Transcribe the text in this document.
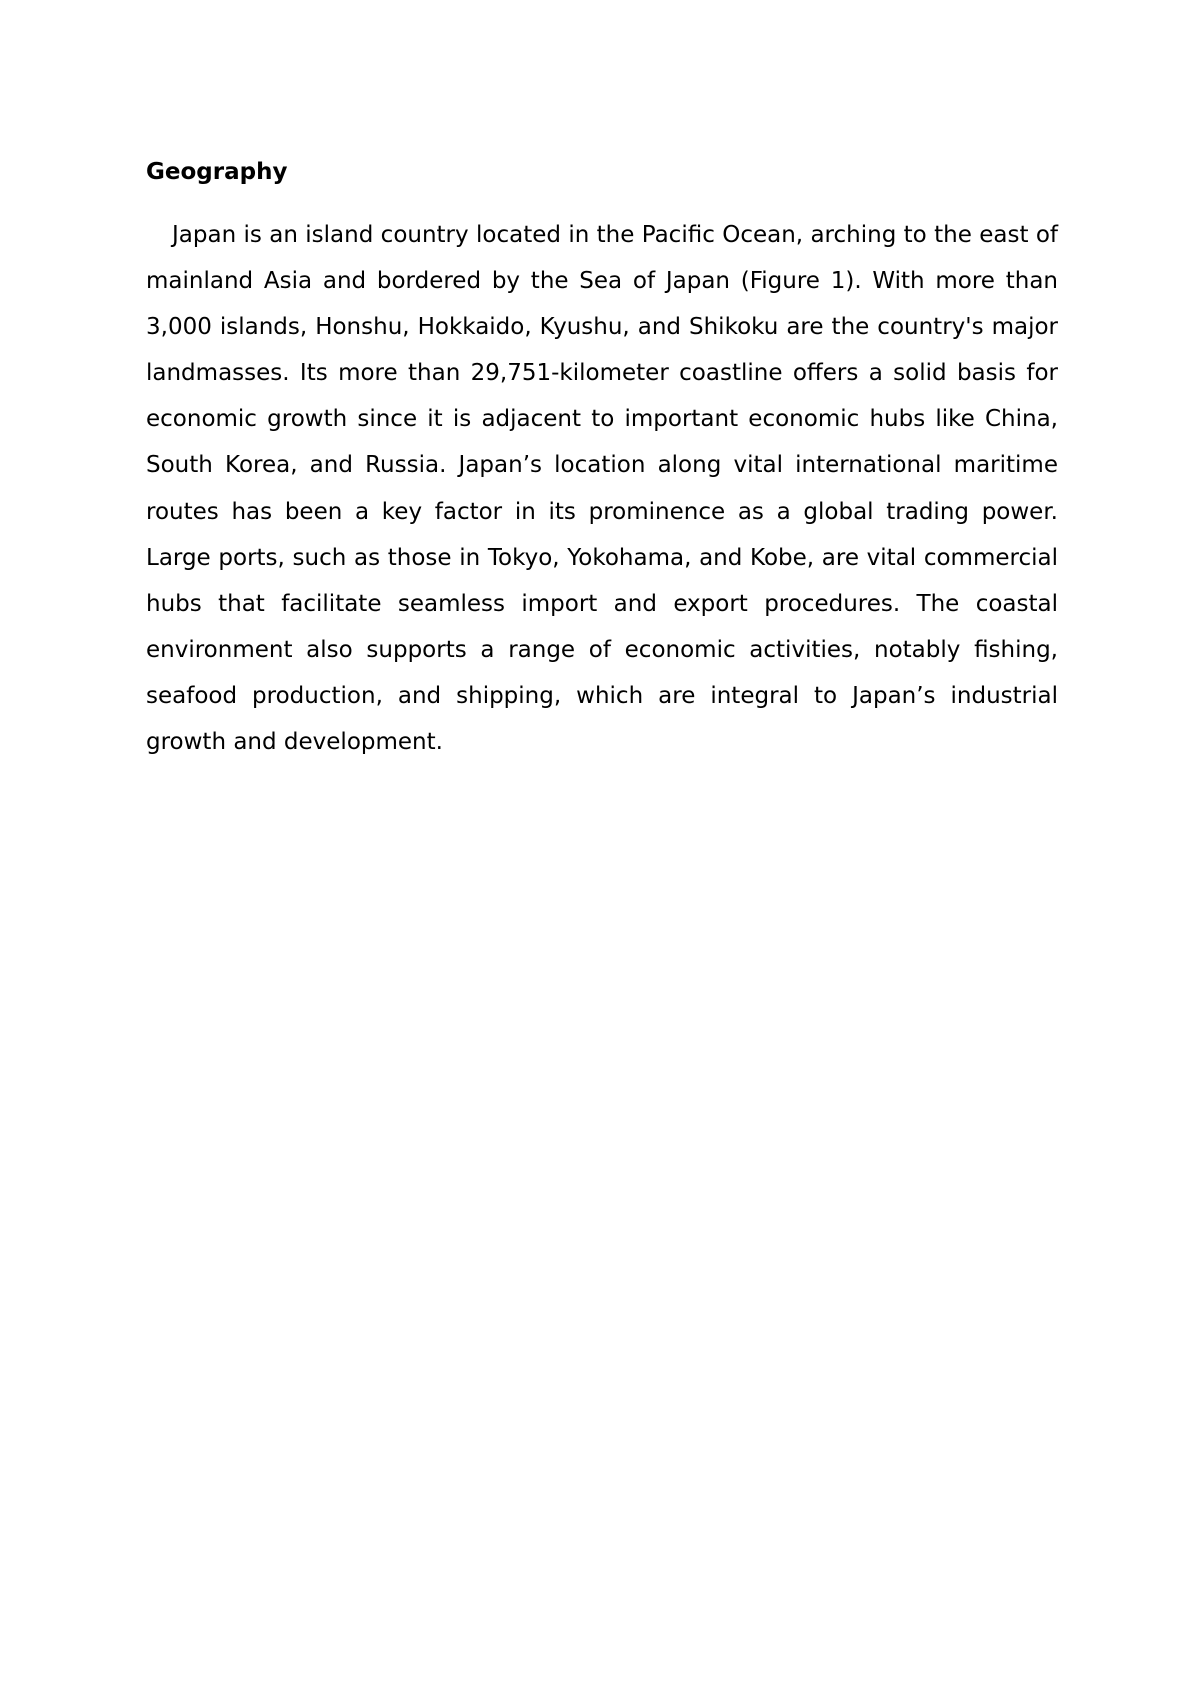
Geography

Japan is an island country located in the Pacific Ocean, arching to the east of mainland Asia and bordered by the Sea of Japan (Figure 1). With more than 3,000 islands, Honshu, Hokkaido, Kyushu, and Shikoku are the country's major landmasses. Its more than 29,751-kilometer coastline offers a solid basis for economic growth since it is adjacent to important economic hubs like China, South Korea, and Russia. Japan’s location along vital international maritime routes has been a key factor in its prominence as a global trading power. Large ports, such as those in Tokyo, Yokohama, and Kobe, are vital commercial hubs that facilitate seamless import and export procedures. The coastal environment also supports a range of economic activities, notably fishing, seafood production, and shipping, which are integral to Japan’s industrial growth and development.
